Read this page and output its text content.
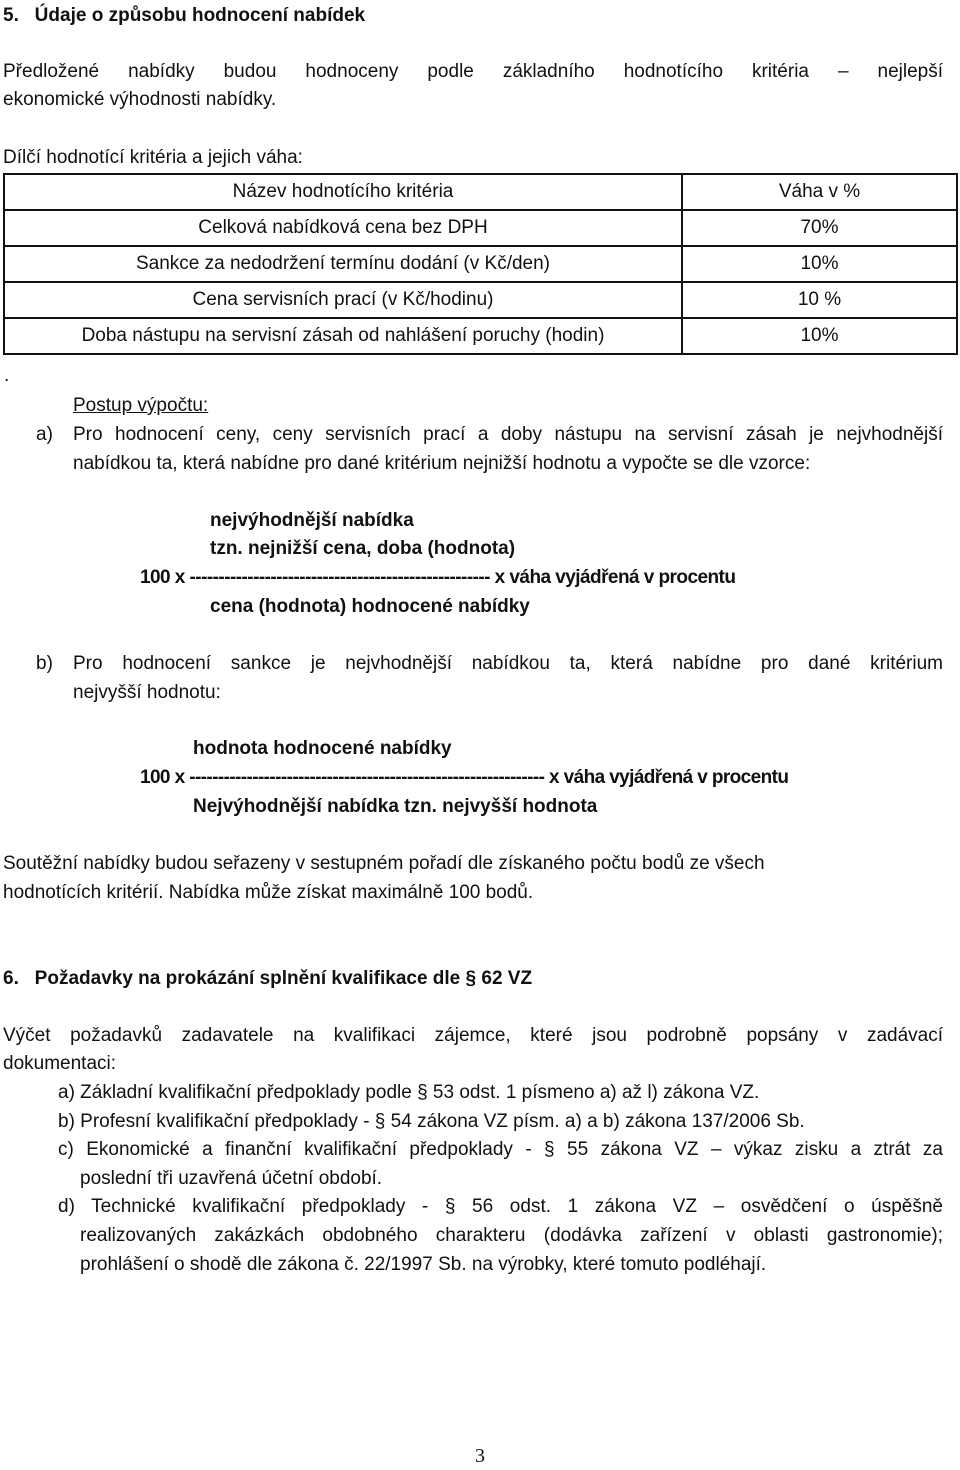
5.   Údaje o způsobu hodnocení nabídek
Předložené nabídky budou hodnoceny podle základního hodnotícího kritéria – nejlepší
ekonomické výhodnosti nabídky.
Dílčí hodnotící kritéria a jejich váha:
Název hodnotícího kritéria	Váha v %
Celková nabídková cena bez DPH	70%
Sankce za nedodržení termínu dodání (v Kč/den)	10%
Cena servisních prací (v Kč/hodinu)	10 %
Doba nástupu na servisní zásah od nahlášení poruchy (hodin)	10%
.
Postup výpočtu:
a) Pro hodnocení ceny, ceny servisních prací a doby nástupu na servisní zásah je nejvhodnější
nabídkou ta, která nabídne pro dané kritérium nejnižší hodnotu a vypočte se dle vzorce:
nejvýhodnější nabídka
tzn. nejnižší cena, doba (hodnota)
100 x ---------------------------------------------------- x váha vyjádřená v procentu
cena (hodnota) hodnocené nabídky
b) Pro hodnocení sankce je nejvhodnější nabídkou ta, která nabídne pro dané kritérium
nejvyšší hodnotu:
hodnota hodnocené nabídky
100 x -------------------------------------------------------------- x váha vyjádřená v procentu
Nejvýhodnější nabídka tzn. nejvyšší hodnota
Soutěžní nabídky budou seřazeny v sestupném pořadí dle získaného počtu bodů ze všech
hodnotících kritérií. Nabídka může získat maximálně 100 bodů.
6.   Požadavky na prokázání splnění kvalifikace dle § 62 VZ
Výčet požadavků zadavatele na kvalifikaci zájemce, které jsou podrobně popsány v zadávací
dokumentaci:
a) Základní kvalifikační předpoklady podle § 53 odst. 1 písmeno a) až l) zákona VZ.
b) Profesní kvalifikační předpoklady - § 54 zákona VZ písm. a) a b) zákona 137/2006 Sb.
c) Ekonomické a finanční kvalifikační předpoklady - § 55 zákona VZ – výkaz zisku a ztrát za
poslední tři uzavřená účetní období.
d) Technické kvalifikační předpoklady - § 56 odst. 1 zákona VZ – osvědčení o úspěšně
realizovaných zakázkách obdobného charakteru (dodávka zařízení v oblasti gastronomie);
prohlášení o shodě dle zákona č. 22/1997 Sb. na výrobky, které tomuto podléhají.
3
